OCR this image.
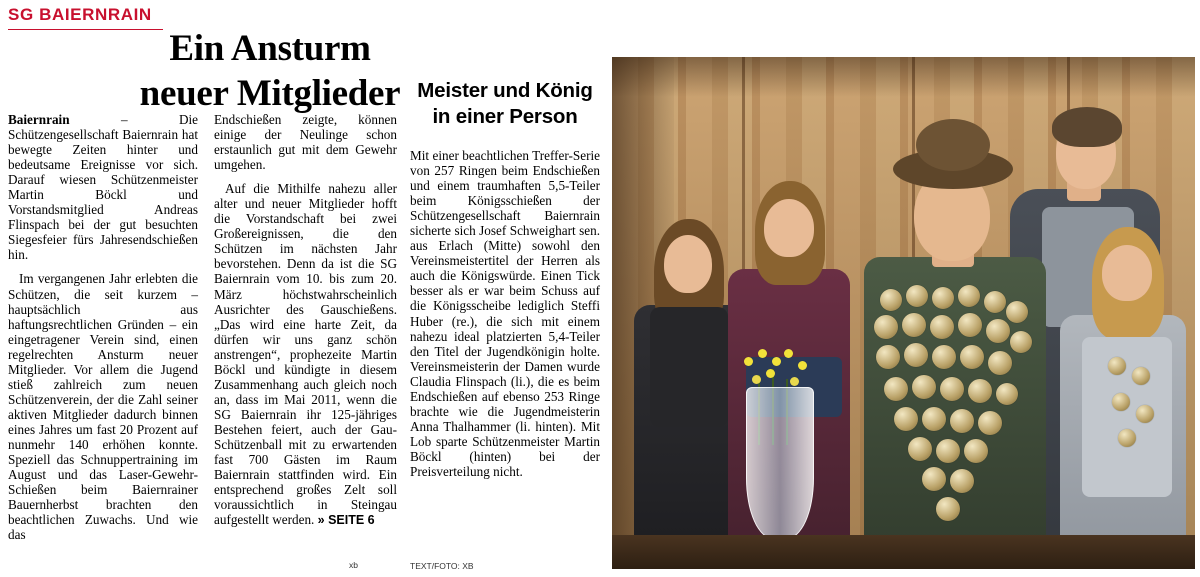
SG BAIERNRAIN
Ein Ansturm
neuer Mitglieder Meister und König
in einer Person

Baiernrain – Die Schützengesellschaft Baiernrain hat bewegte Zeiten hinter und bedeutsame Ereignisse vor sich. Darauf wiesen Schützenmeister Martin Böckl und Vorstandsmitglied Andreas Flinspach bei der gut besuchten Siegesfeier fürs Jahresendschießen hin.

Im vergangenen Jahr erlebten die Schützen, die seit kurzem – hauptsächlich aus haftungsrechtlichen Gründen – ein eingetragener Verein sind, einen regelrechten Ansturm neuer Mitglieder. Vor allem die Jugend stieß zahlreich zum neuen Schützenverein, der die Zahl seiner aktiven Mitglieder dadurch binnen eines Jahres um fast 20 Prozent auf nunmehr 140 erhöhen konnte. Speziell das Schnuppertraining im August und das Laser-Gewehr-Schießen beim Baiernrainer Bauernherbst brachten den beachtlichen Zuwachs. Und wie das

Endschießen zeigte, können einige der Neulinge schon erstaunlich gut mit dem Gewehr umgehen.

Auf die Mithilfe nahezu aller alter und neuer Mitglieder hofft die Vorstandschaft bei zwei Großereignissen, die den Schützen im nächsten Jahr bevorstehen. Denn da ist die SG Baiernrain vom 10. bis zum 20. März höchstwahrscheinlich Ausrichter des Gauschießens. „Das wird eine harte Zeit, da dürfen wir uns ganz schön anstrengen“, prophezeite Martin Böckl und kündigte in diesem Zusammenhang auch gleich noch an, dass im Mai 2011, wenn die SG Baiernrain ihr 125-jähriges Bestehen feiert, auch der Gau-Schützenball mit zu erwartenden fast 700 Gästen im Raum Baiernrain stattfinden wird. Ein entsprechend großes Zelt soll voraussichtlich in Steingau aufgestellt werden. » SEITE 6

xb

Mit einer beachtlichen Treffer-Serie von 257 Ringen beim Endschießen und einem traumhaften 5,5-Teiler beim Königsschießen der Schützengesellschaft Baiernrain sicherte sich Josef Schweighart sen. aus Erlach (Mitte) sowohl den Vereinsmeistertitel der Herren als auch die Königswürde. Einen Tick besser als er war beim Schuss auf die Königsscheibe lediglich Steffi Huber (re.), die sich mit einem nahezu ideal platzierten 5,4-Teiler den Titel der Jugendkönigin holte. Vereinsmeisterin der Damen wurde Claudia Flinspach (li.), die es beim Endschießen auf ebenso 253 Ringe brachte wie die Jugendmeisterin Anna Thalhammer (li. hinten). Mit Lob sparte Schützenmeister Martin Böckl (hinten) bei der Preisverteilung nicht.

TEXT/FOTO: XB
